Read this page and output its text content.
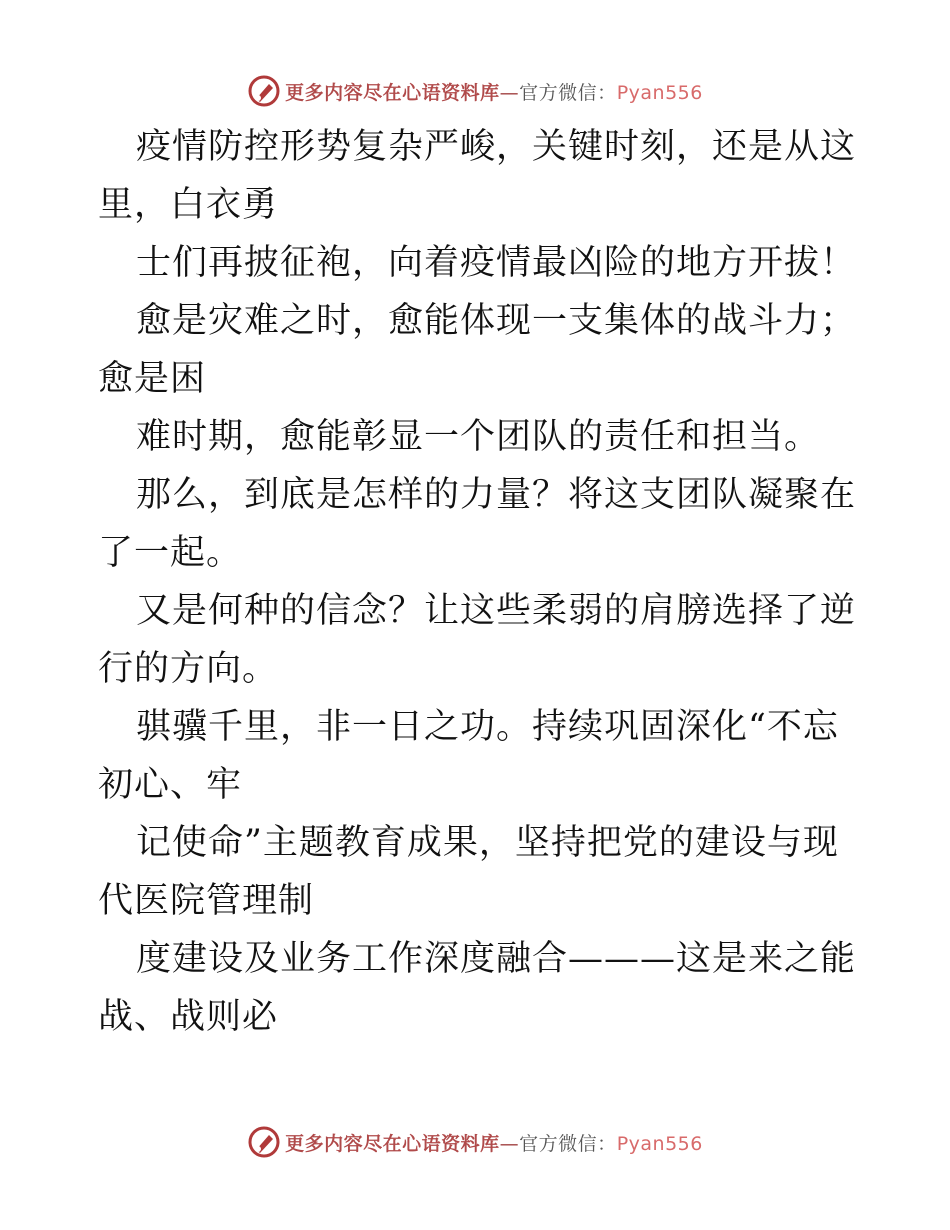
更多内容尽在心语资料库—官方微信：Pyan556

疫情防控形势复杂严峻，关键时刻，还是从这里，白衣勇

士们再披征袍，向着疫情最凶险的地方开拔！

愈是灾难之时，愈能体现一支集体的战斗力；愈是困

难时期，愈能彰显一个团队的责任和担当。

那么，到底是怎样的力量？将这支团队凝聚在了一起。

又是何种的信念？让这些柔弱的肩膀选择了逆行的方向。

骐骥千里，非一日之功。持续巩固深化“不忘初心、牢

记使命”主题教育成果，坚持把党的建设与现代医院管理制

度建设及业务工作深度融合———这是来之能战、战则必

更多内容尽在心语资料库—官方微信：Pyan556
